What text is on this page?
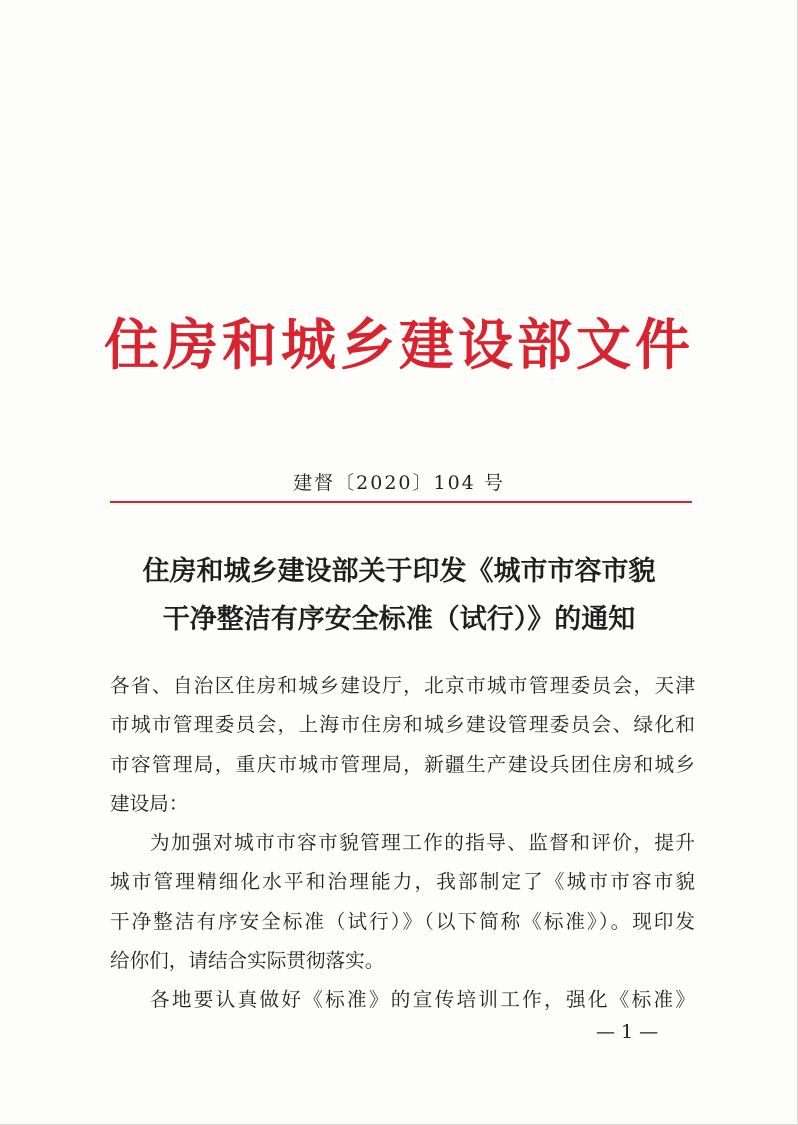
住房和城乡建设部文件
建督〔2020〕104 号
住房和城乡建设部关于印发《城市市容市貌
干净整洁有序安全标准（试行）》的通知
各省、自治区住房和城乡建设厅，北京市城市管理委员会，天津
市城市管理委员会，上海市住房和城乡建设管理委员会、绿化和
市容管理局，重庆市城市管理局，新疆生产建设兵团住房和城乡
建设局：
为加强对城市市容市貌管理工作的指导、监督和评价，提升
城市管理精细化水平和治理能力，我部制定了《城市市容市貌
干净整洁有序安全标准（试行）》（以下简称《标准》）。现印发
给你们，请结合实际贯彻落实。
各地要认真做好《标准》的宣传培训工作，强化《标准》
— 1 —
